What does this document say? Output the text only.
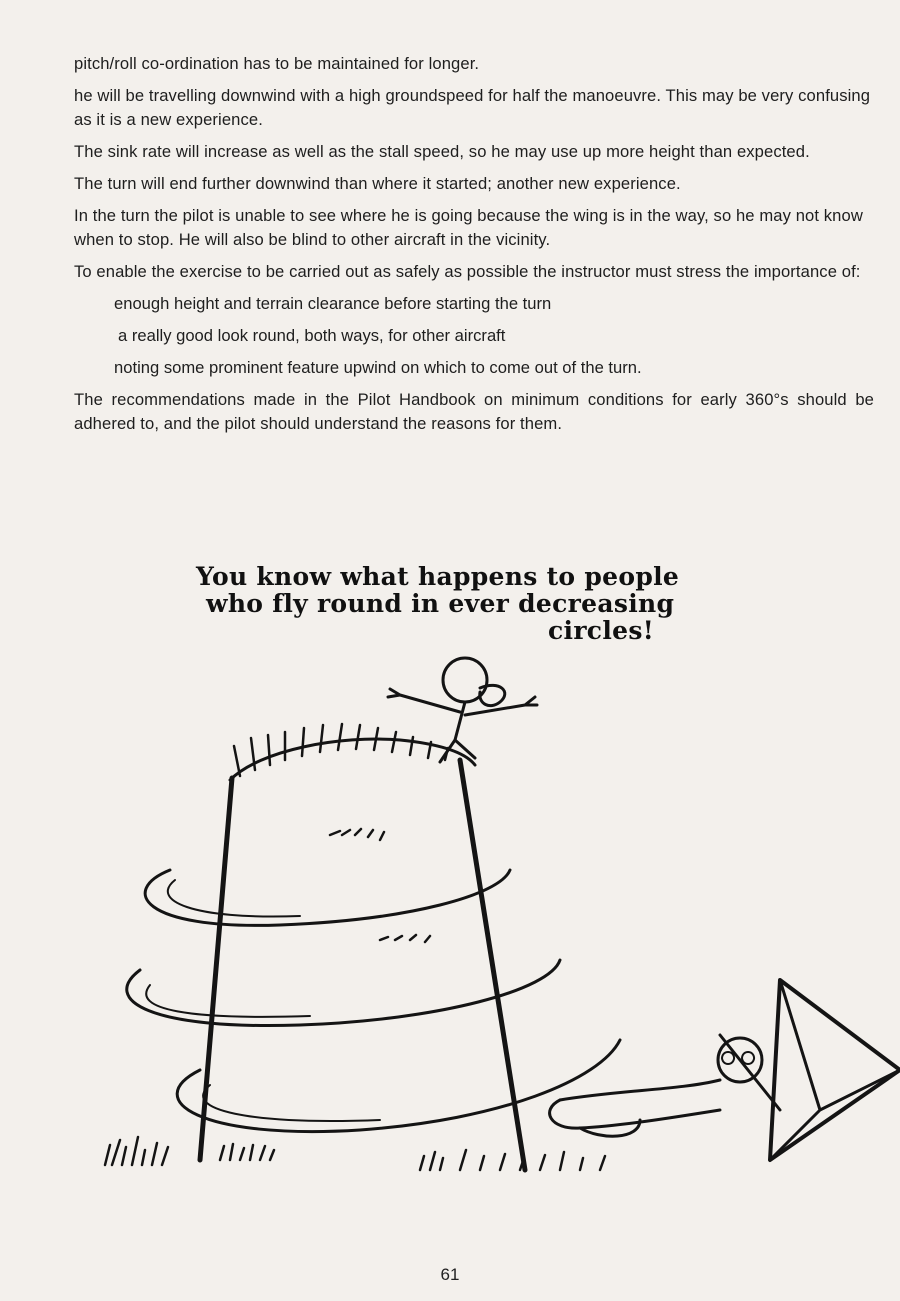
pitch/roll co-ordination has to be maintained for longer.

he will be travelling downwind with a high groundspeed for half the manoeuvre. This may be very confusing as it is a new experience.

The sink rate will increase as well as the stall speed, so he may use up more height than expected.

The turn will end further downwind than where it started; another new experience.

In the turn the pilot is unable to see where he is going because the wing is in the way, so he may not know when to stop. He will also be blind to other aircraft in the vicinity.

To enable the exercise to be carried out as safely as possible the instructor must stress the importance of:

enough height and terrain clearance before starting the turn
a really good look round, both ways, for other aircraft
noting some prominent feature upwind on which to come out of the turn.

The recommendations made in the Pilot Handbook on minimum conditions for early 360°s should be adhered to, and the pilot should understand the reasons for them.

You know what happens to people
who fly round in ever decreasing
circles!
61
